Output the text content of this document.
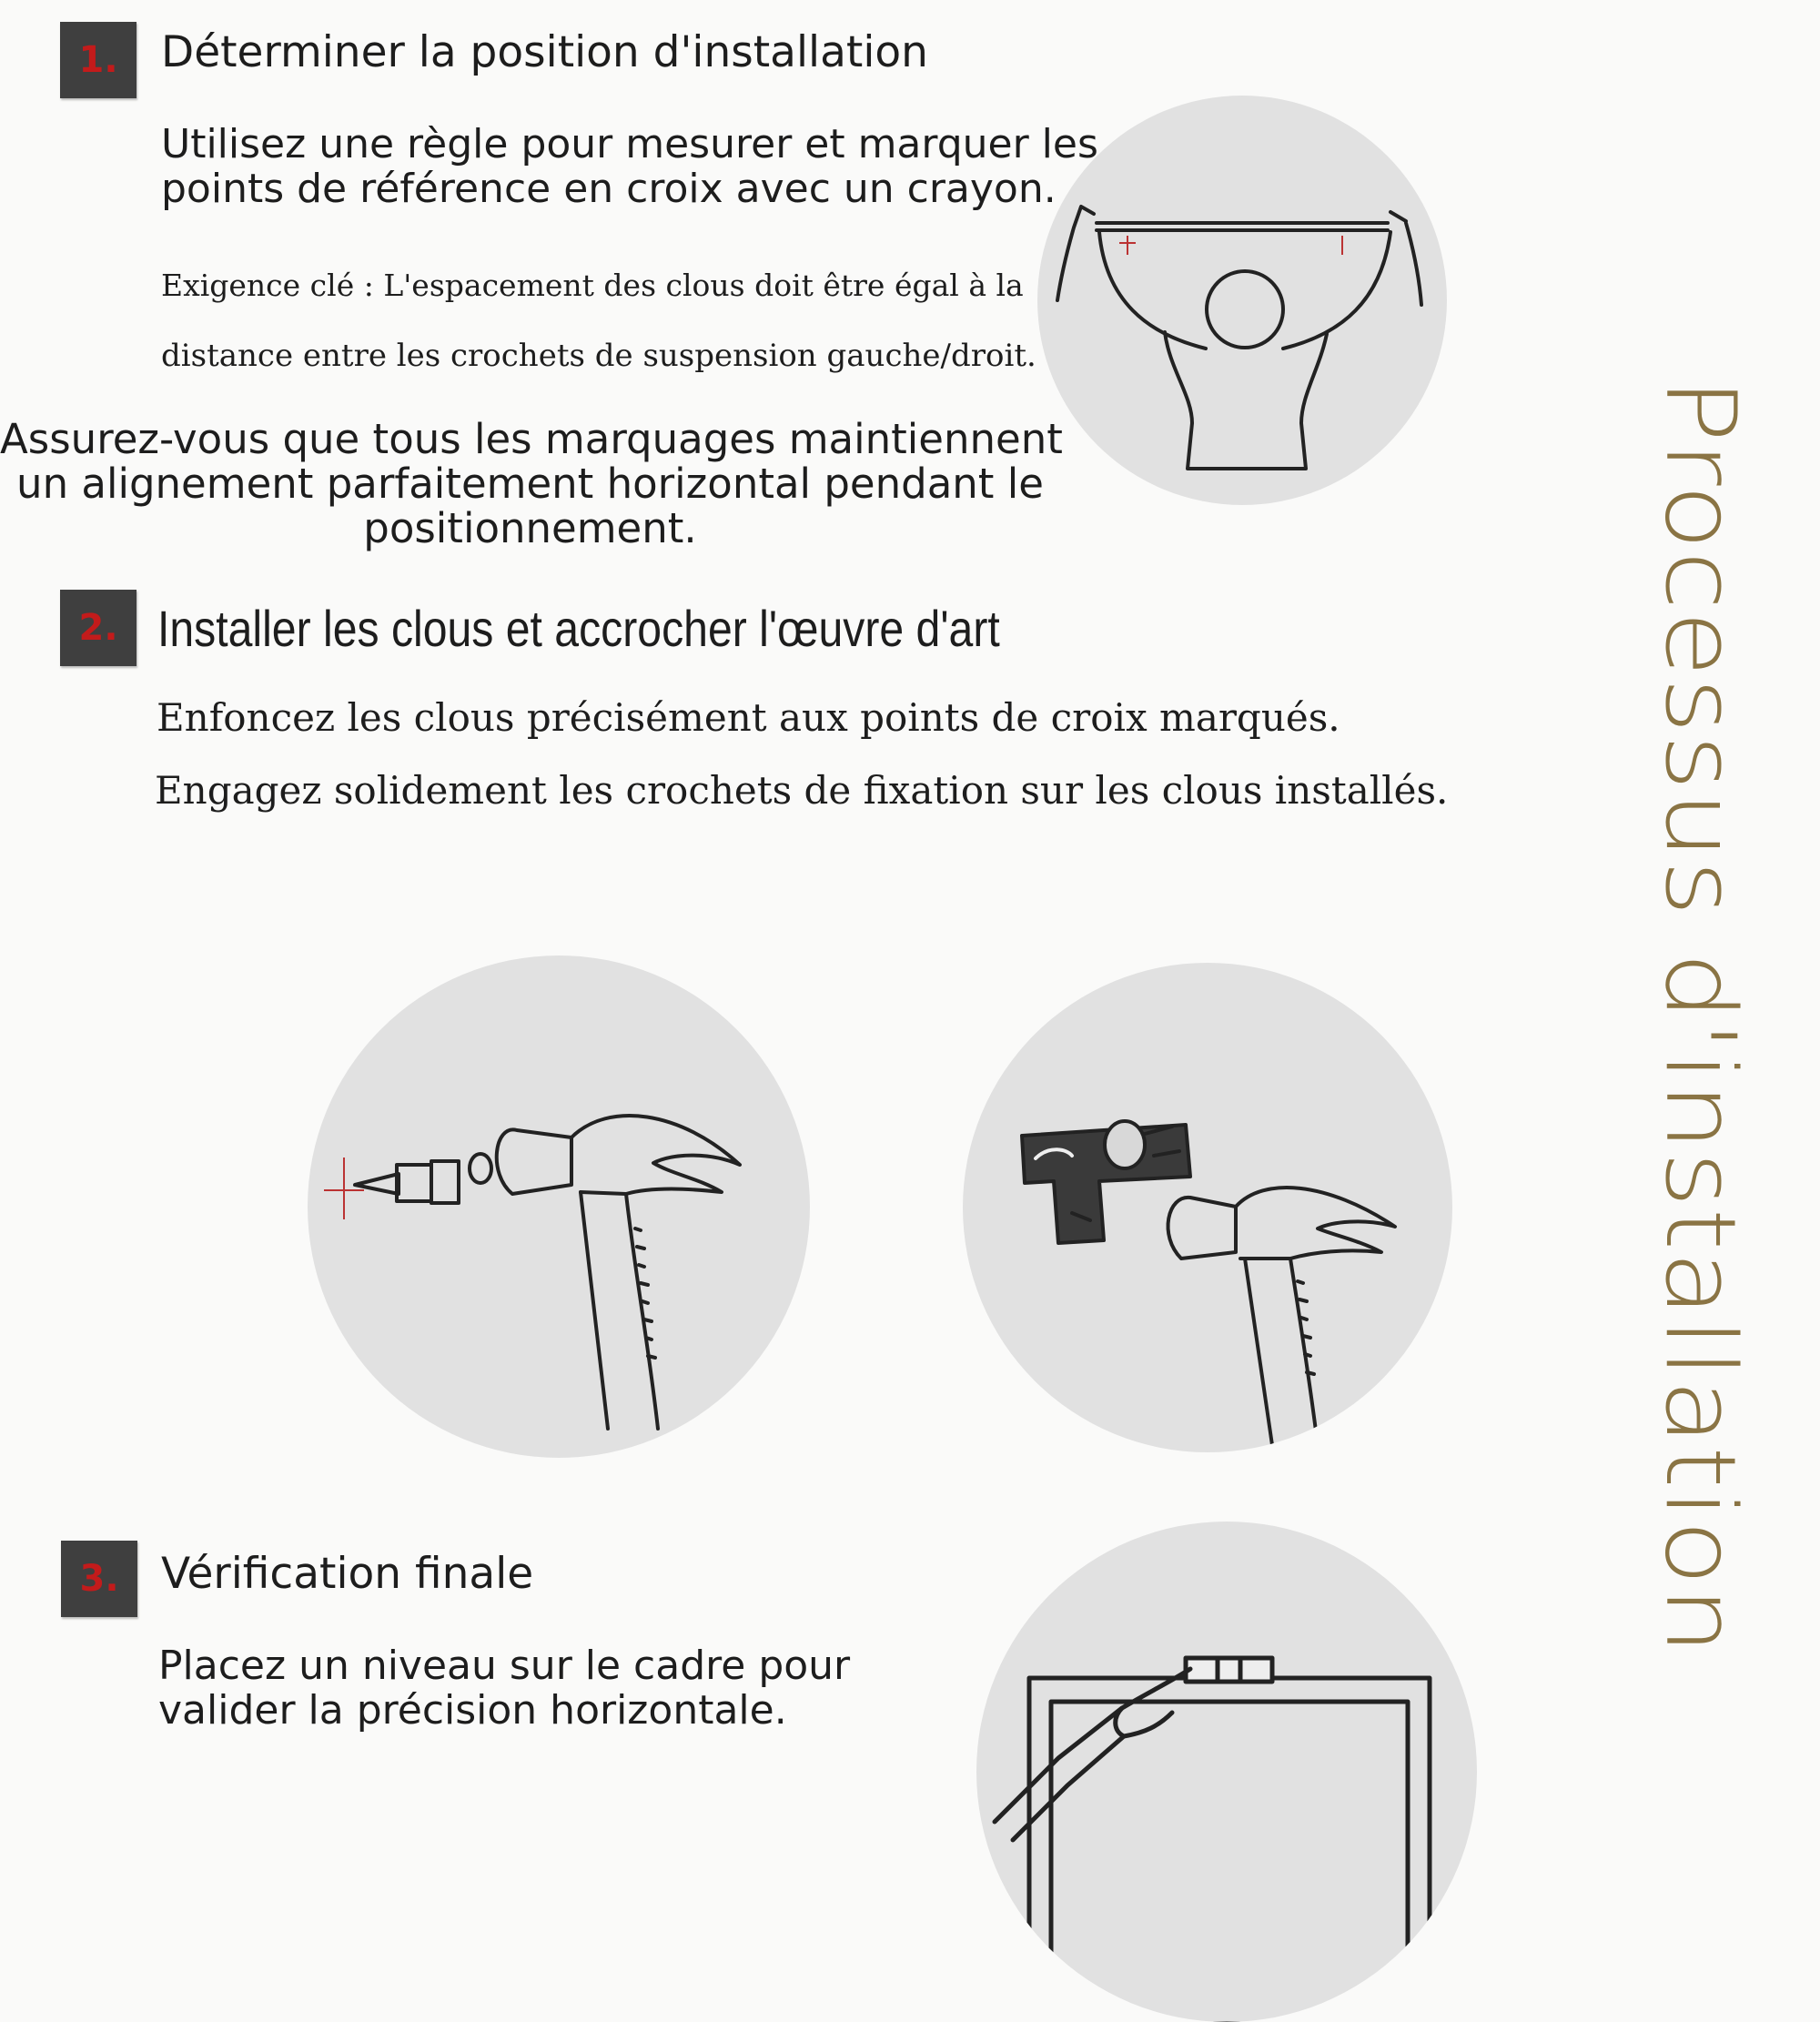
Processus d'installation
1. Déterminer la position d'installation
Utilisez une règle pour mesurer et marquer les
points de référence en croix avec un crayon.
Exigence clé : L'espacement des clous doit être égal à la
distance entre les crochets de suspension gauche/droit.
Assurez-vous que tous les marquages maintiennent
un alignement parfaitement horizontal pendant le
positionnement.
2. Installer les clous et accrocher l'œuvre d'art
Enfoncez les clous précisément aux points de croix marqués.
Engagez solidement les crochets de fixation sur les clous installés.
3. Vérification finale
Placez un niveau sur le cadre pour
valider la précision horizontale.
